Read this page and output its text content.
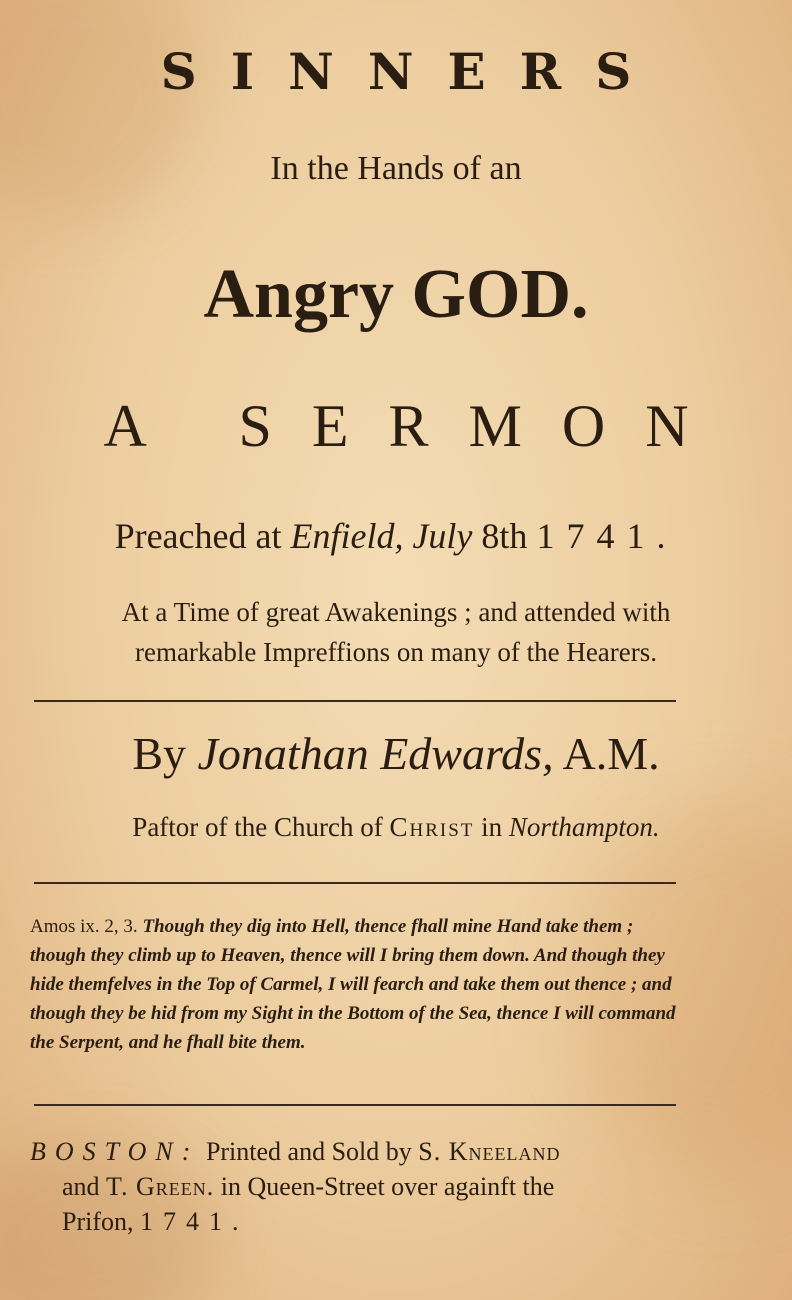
SINNERS
In the Hands of an
Angry GOD.
A SERMON
Preached at Enfield, July 8th 1741.
At a Time of great Awakenings ; and attended with
remarkable Impreffions on many of the Hearers.
By Jonathan Edwards, A.M.
Paftor of the Church of Christ in Northampton.
Amos ix. 2, 3. Though they dig into Hell, thence fhall mine Hand take them ; though they climb up to Heaven, thence will I bring them down. And though they hide themfelves in the Top of Carmel, I will fearch and take them out thence ; and though they be hid from my Sight in the Bottom of the Sea, thence I will command the Serpent, and he fhall bite them.
BOSTON: Printed and Sold by S. Kneeland
and T. Green. in Queen-Street over againft the
Prifon, 1741.
